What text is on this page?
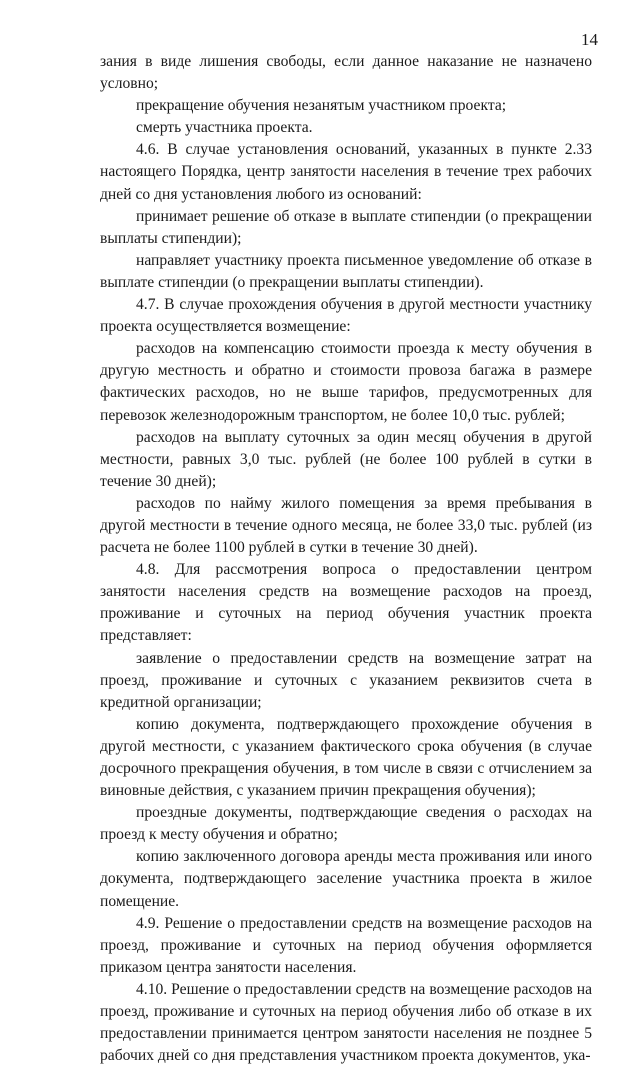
14

зания в виде лишения свободы, если данное наказание не назначено условно;

прекращение обучения незанятым участником проекта;

смерть участника проекта.

4.6. В случае установления оснований, указанных в пункте 2.33 настоящего Порядка, центр занятости населения в течение трех рабочих дней со дня установления любого из оснований:

принимает решение об отказе в выплате стипендии (о прекращении выплаты стипендии);

направляет участнику проекта письменное уведомление об отказе в выплате стипендии (о прекращении выплаты стипендии).

4.7. В случае прохождения обучения в другой местности участнику проекта осуществляется возмещение:

расходов на компенсацию стоимости проезда к месту обучения в другую местность и обратно и стоимости провоза багажа в размере фактических расходов, но не выше тарифов, предусмотренных для перевозок железнодорожным транспортом, не более 10,0 тыс. рублей;

расходов на выплату суточных за один месяц обучения в другой местности, равных 3,0 тыс. рублей (не более 100 рублей в сутки в течение 30 дней);

расходов по найму жилого помещения за время пребывания в другой местности в течение одного месяца, не более 33,0 тыс. рублей (из расчета не более 1100 рублей в сутки в течение 30 дней).

4.8. Для рассмотрения вопроса о предоставлении центром занятости населения средств на возмещение расходов на проезд, проживание и суточных на период обучения участник проекта представляет:

заявление о предоставлении средств на возмещение затрат на проезд, проживание и суточных с указанием реквизитов счета в кредитной организации;

копию документа, подтверждающего прохождение обучения в другой местности, с указанием фактического срока обучения (в случае досрочного прекращения обучения, в том числе в связи с отчислением за виновные действия, с указанием причин прекращения обучения);

проездные документы, подтверждающие сведения о расходах на проезд к месту обучения и обратно;

копию заключенного договора аренды места проживания или иного документа, подтверждающего заселение участника проекта в жилое помещение.

4.9. Решение о предоставлении средств на возмещение расходов на проезд, проживание и суточных на период обучения оформляется приказом центра занятости населения.

4.10. Решение о предоставлении средств на возмещение расходов на проезд, проживание и суточных на период обучения либо об отказе в их предоставлении принимается центром занятости населения не позднее 5 рабочих дней со дня представления участником проекта документов, ука-
